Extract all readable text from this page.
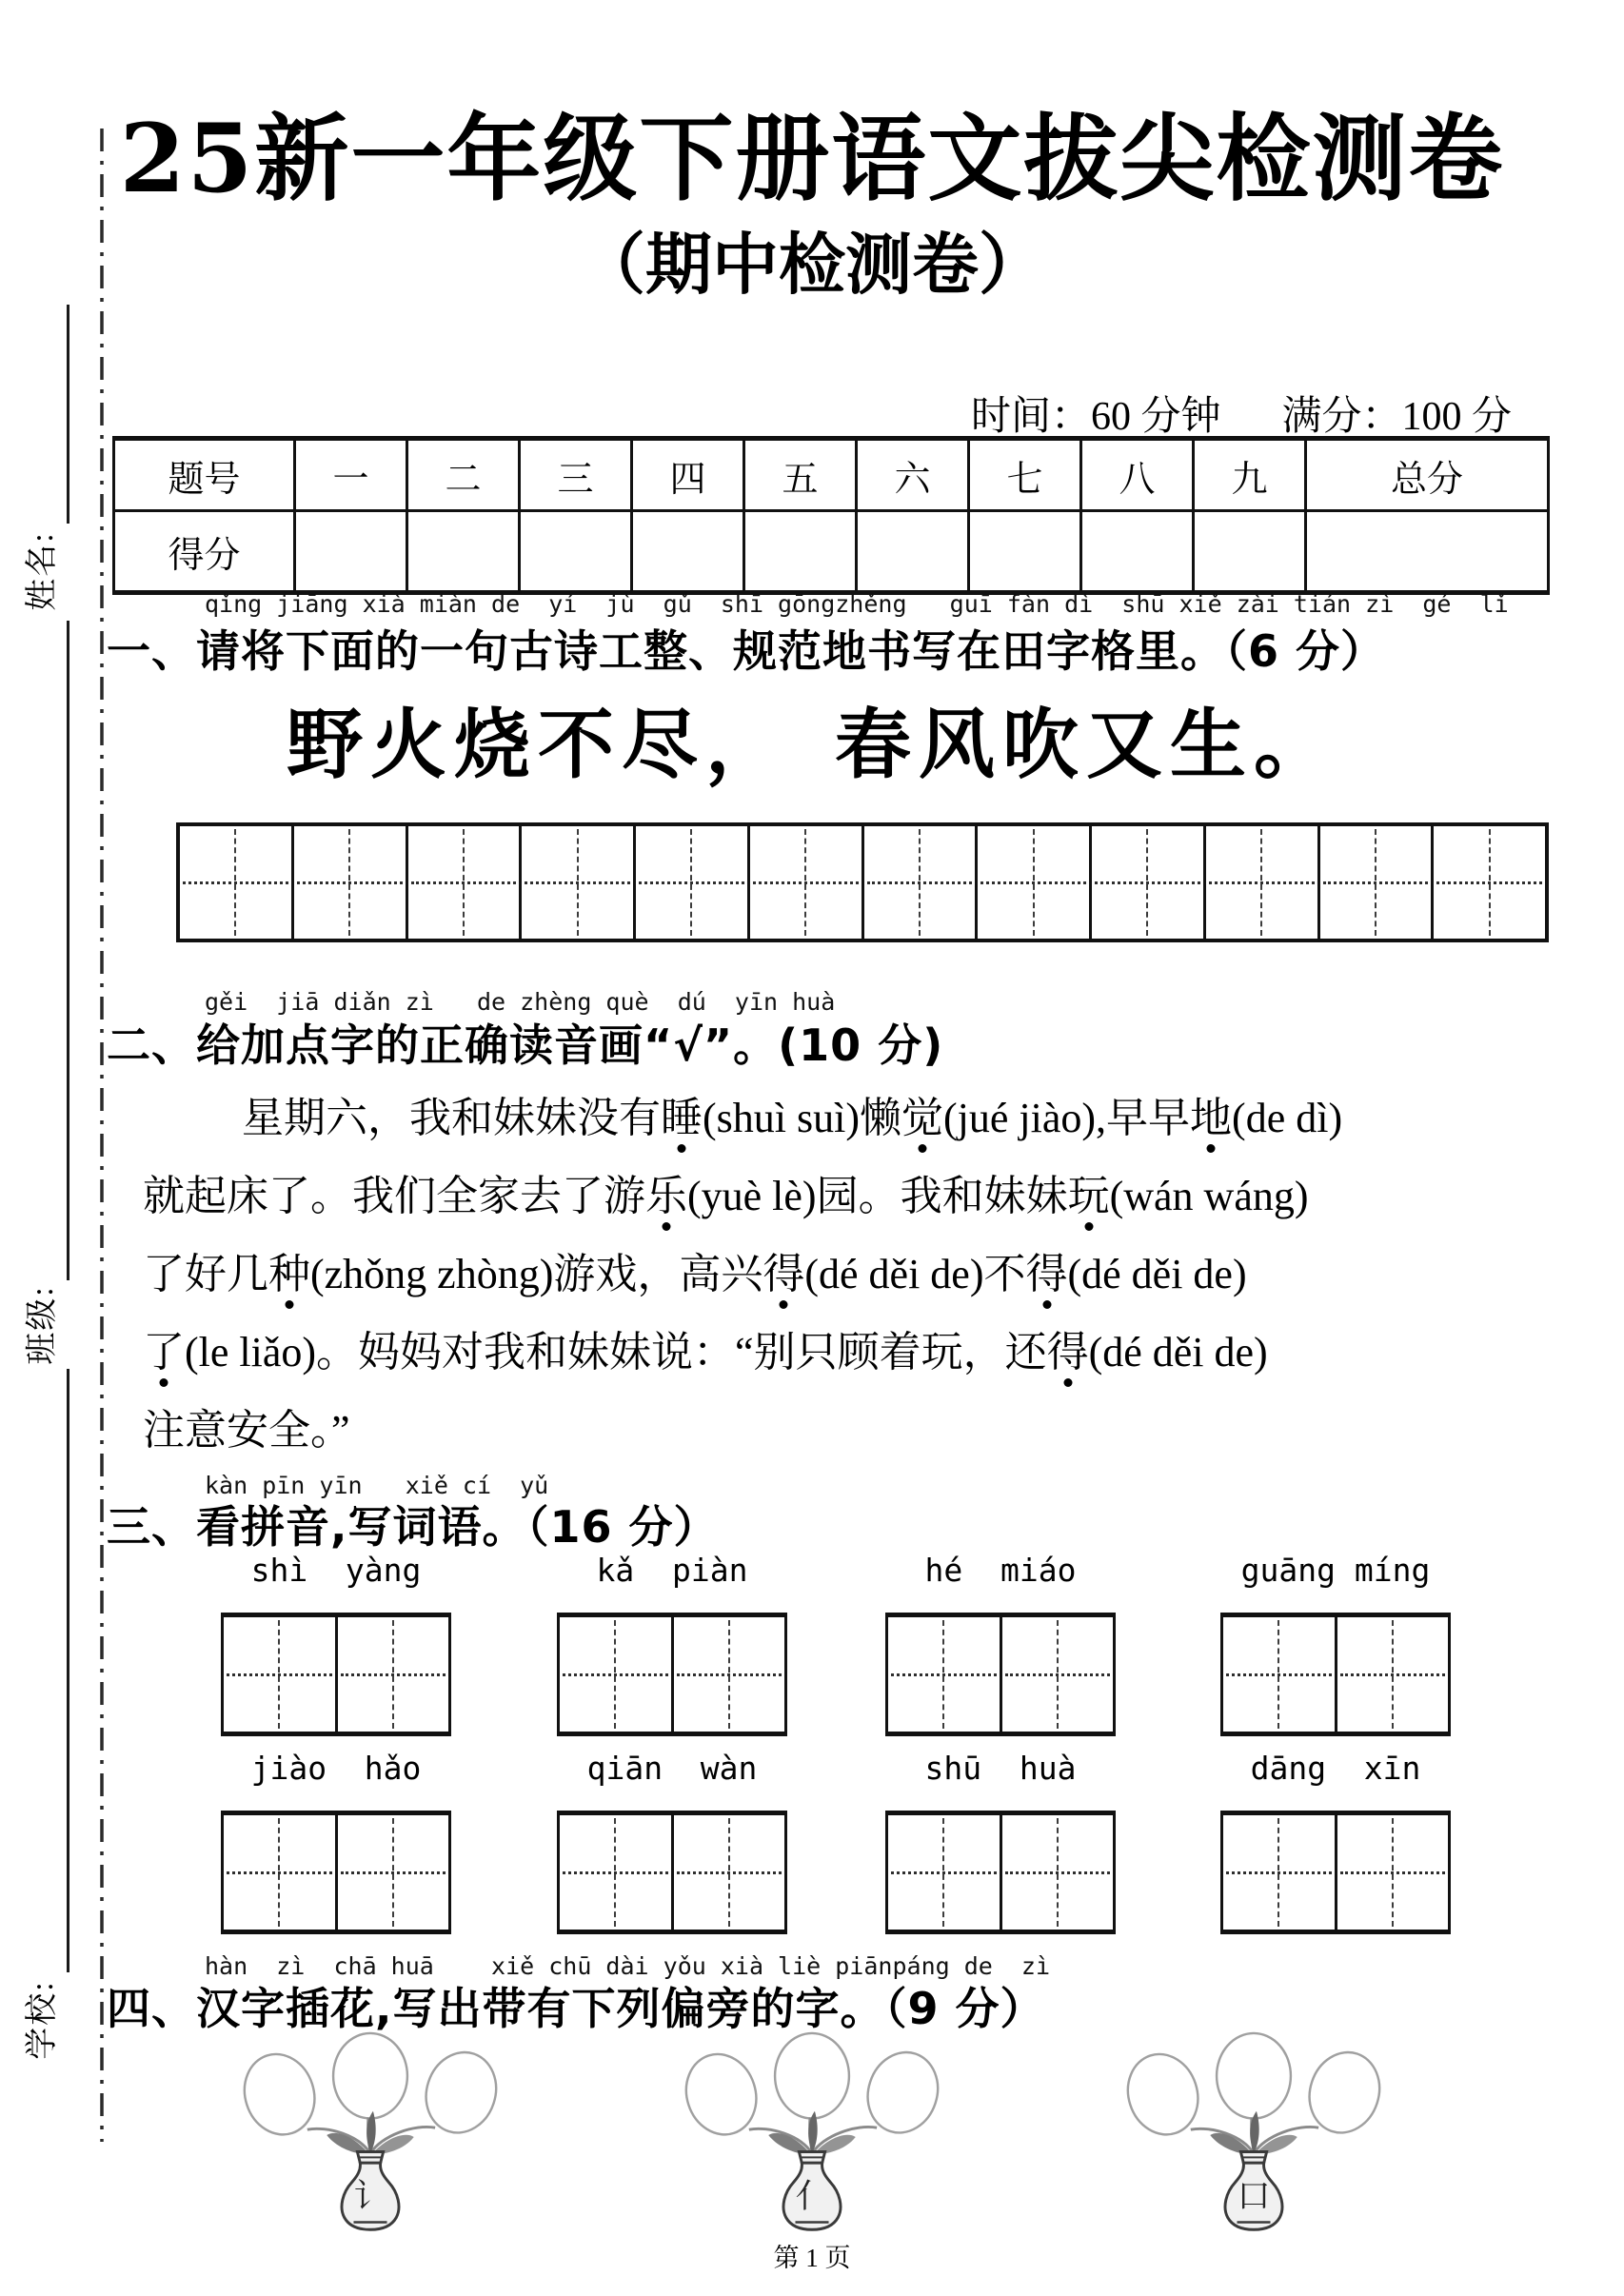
姓名:
班级:
学校:
25新一年级下册语文拔尖检测卷
（期中检测卷）
时间：60 分钟 满分：100 分
题号	一	二	三	四	五	六	七	八	九	总分
得分										
qǐng jiāng xià miàn de  yí  jù  gǔ  shī gōngzhěng   guī fàn dì  shū xiě zài tián zì  gé  lǐ
一、请将下面的一句古诗工整、规范地书写在田字格里。（6 分）
野火烧不尽，　春风吹又生。
gěi  jiā diǎn zì   de zhèng què  dú  yīn huà
二、给加点字的正确读音画“√”。(10 分)
星期六，我和妹妹没有睡(shuì suì)懒觉(jué jiào),早早地(de dì)
就起床了。我们全家去了游乐(yuè lè)园。我和妹妹玩(wán wáng)
了好几种(zhǒng zhòng)游戏，高兴得(dé děi de)不得(dé děi de)
了(le liǎo)。妈妈对我和妹妹说：“别只顾着玩，还得(dé děi de)
注意安全。”
kàn pīn yīn   xiě cí  yǔ
三、看拼音,写词语。（16 分）
shì  yàng	kǎ  piàn	hé  miáo	guāng míng
jiào  hǎo	qiān  wàn	shū  huà	dāng  xīn
hàn  zì  chā huā    xiě chū dài yǒu xià liè piānpáng de  zì
四、汉字插花,写出带有下列偏旁的字。（9 分）
讠	亻	口
第 1 页
